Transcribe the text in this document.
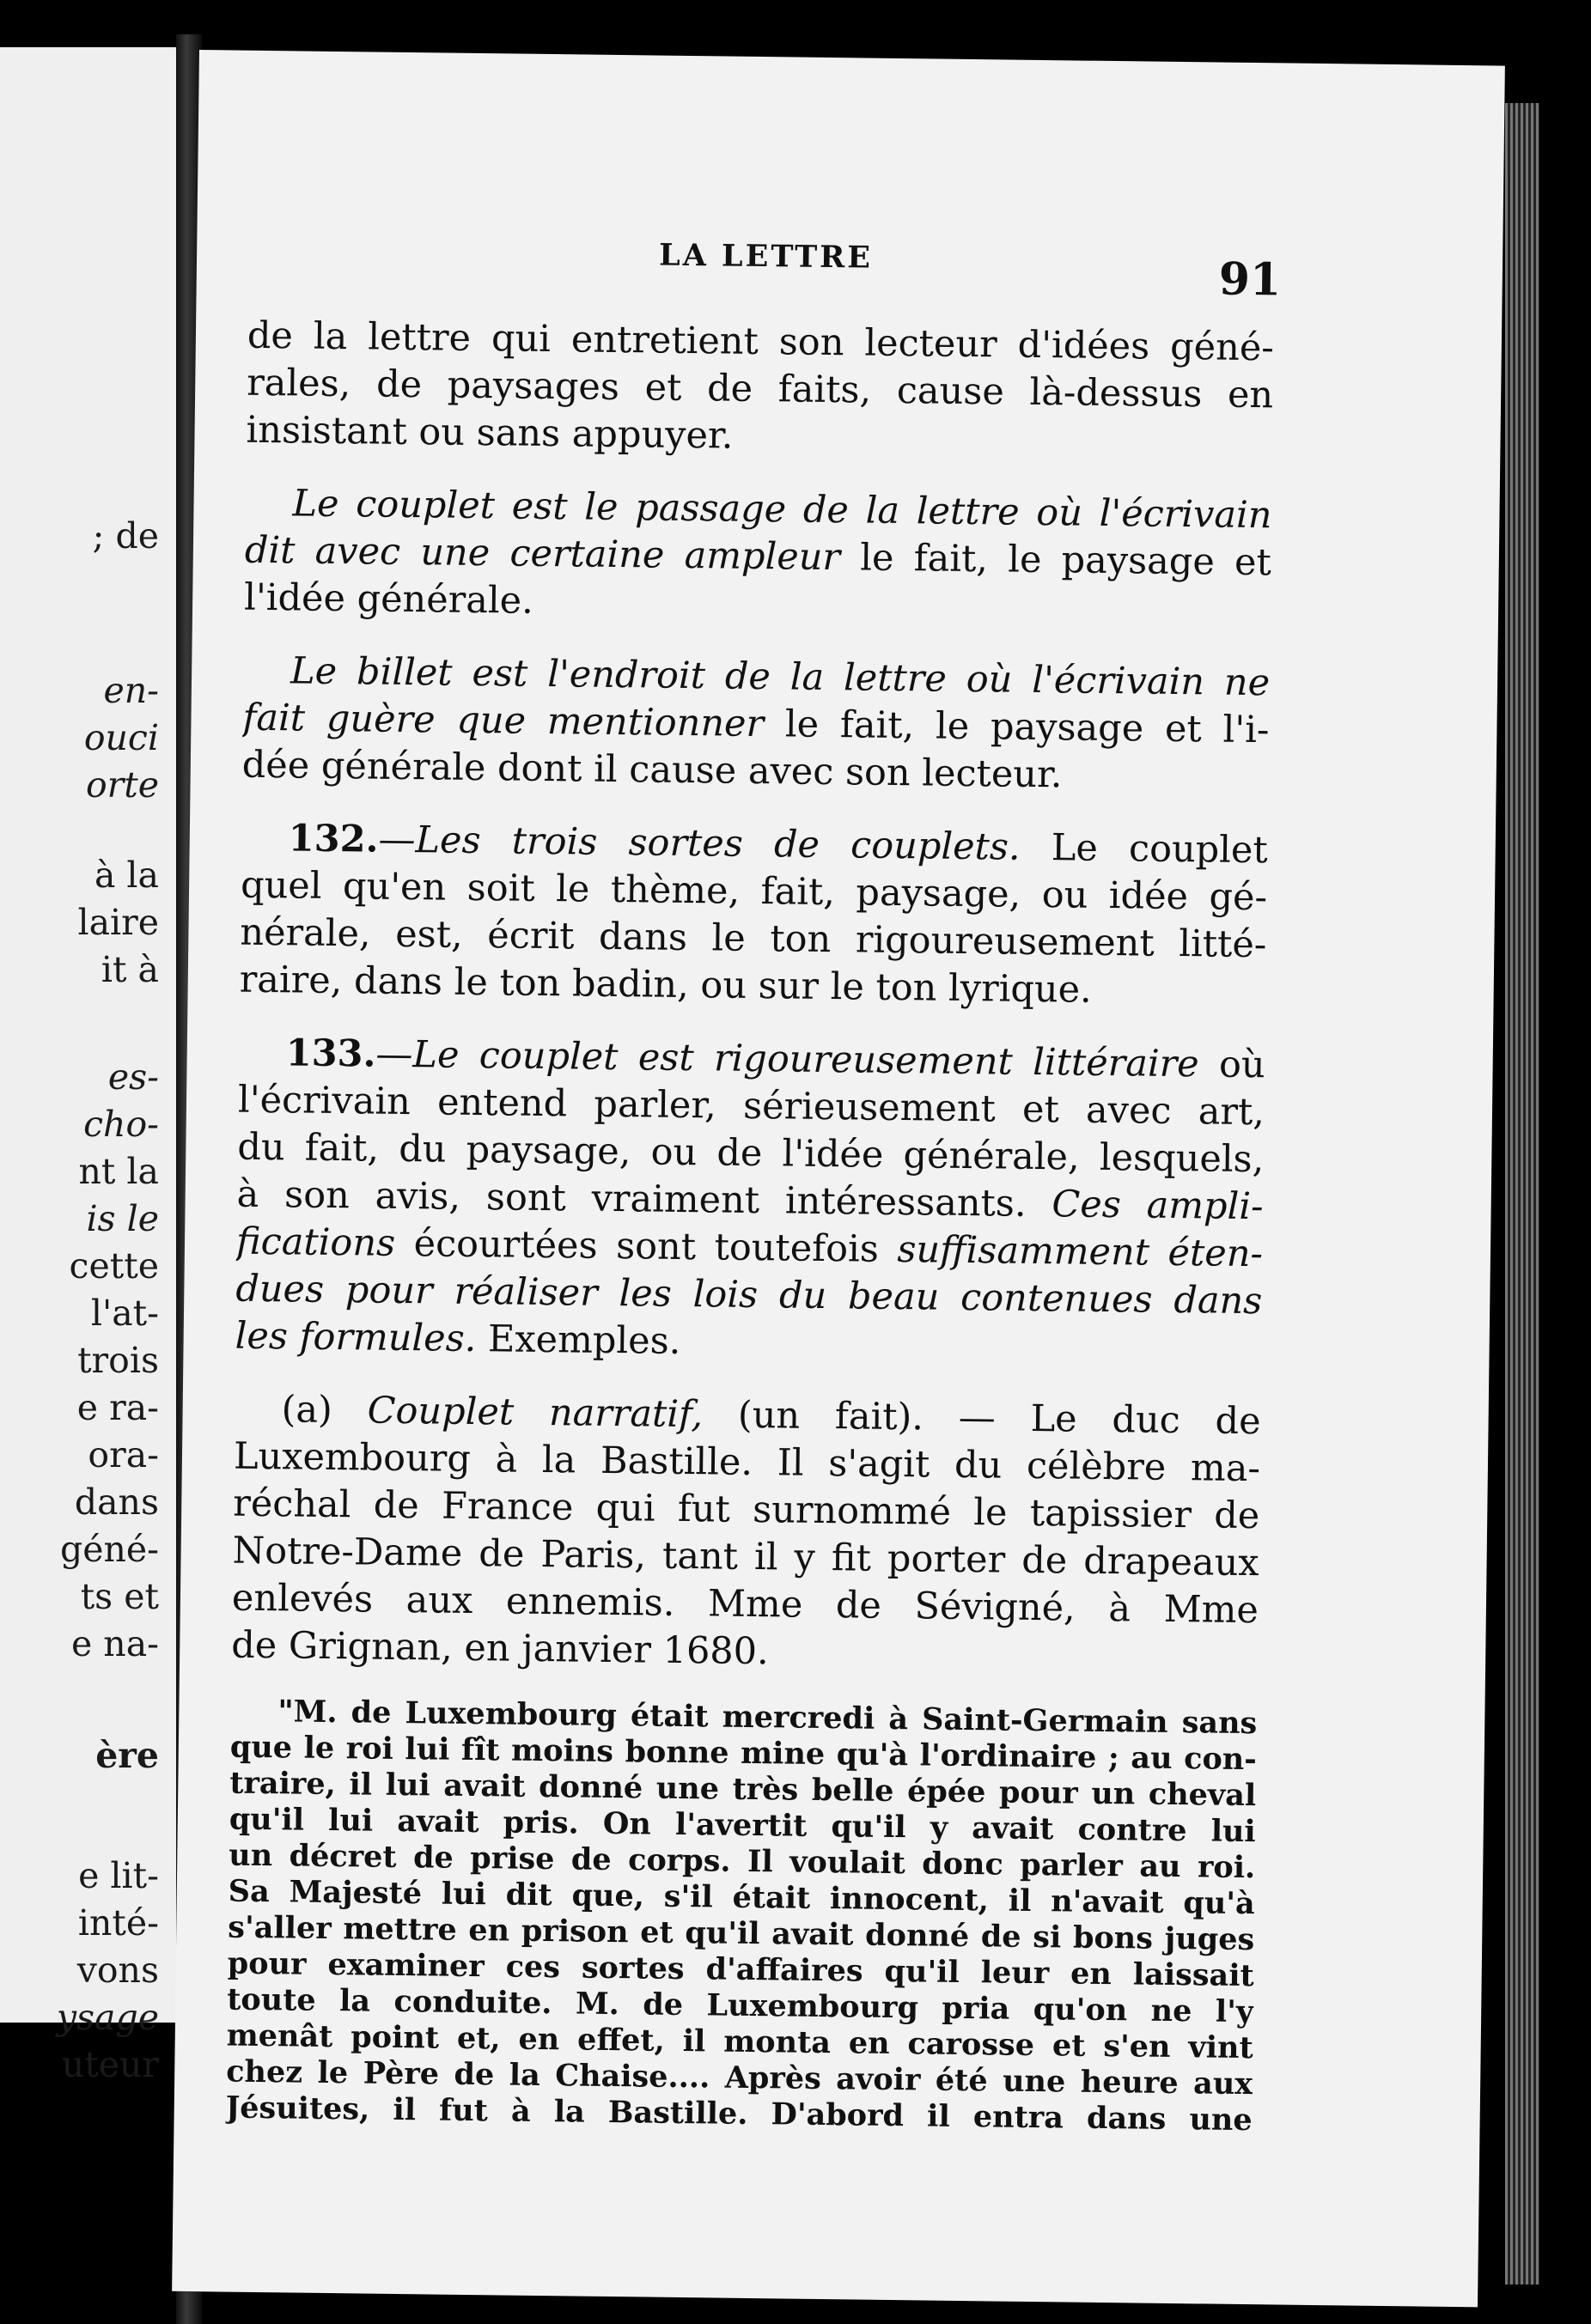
; de
en-
ouci
orte
à la
laire
it à
es-
cho-
nt la
is le
cette
l'at-
trois
e ra-
ora-
dans
géné-
ts et
e na-
ère
e lit-
inté-
vons
ysage
uteur
LA LETTRE	91
de la lettre qui entretient son lecteur d'idées géné-
rales, de paysages et de faits, cause là-dessus en
insistant ou sans appuyer.
Le couplet est le passage de la lettre où l'écrivain
dit avec une certaine ampleur le fait, le paysage et
l'idée générale.
Le billet est l'endroit de la lettre où l'écrivain ne
fait guère que mentionner le fait, le paysage et l'i-
dée générale dont il cause avec son lecteur.
132.—Les trois sortes de couplets. Le couplet
quel qu'en soit le thème, fait, paysage, ou idée gé-
nérale, est, écrit dans le ton rigoureusement litté-
raire, dans le ton badin, ou sur le ton lyrique.
133.—Le couplet est rigoureusement littéraire où
l'écrivain entend parler, sérieusement et avec art,
du fait, du paysage, ou de l'idée générale, lesquels,
à son avis, sont vraiment intéressants. Ces ampli-
fications écourtées sont toutefois suffisamment éten-
dues pour réaliser les lois du beau contenues dans
les formules. Exemples.
(a) Couplet narratif, (un fait). — Le duc de
Luxembourg à la Bastille. Il s'agit du célèbre ma-
réchal de France qui fut surnommé le tapissier de
Notre-Dame de Paris, tant il y fit porter de drapeaux
enlevés aux ennemis. Mme de Sévigné, à Mme
de Grignan, en janvier 1680.
"M. de Luxembourg était mercredi à Saint-Germain sans
que le roi lui fît moins bonne mine qu'à l'ordinaire ; au con-
traire, il lui avait donné une très belle épée pour un cheval
qu'il lui avait pris. On l'avertit qu'il y avait contre lui
un décret de prise de corps. Il voulait donc parler au roi.
Sa Majesté lui dit que, s'il était innocent, il n'avait qu'à
s'aller mettre en prison et qu'il avait donné de si bons juges
pour examiner ces sortes d'affaires qu'il leur en laissait
toute la conduite. M. de Luxembourg pria qu'on ne l'y
menât point et, en effet, il monta en carosse et s'en vint
chez le Père de la Chaise.... Après avoir été une heure aux
Jésuites, il fut à la Bastille. D'abord il entra dans une
